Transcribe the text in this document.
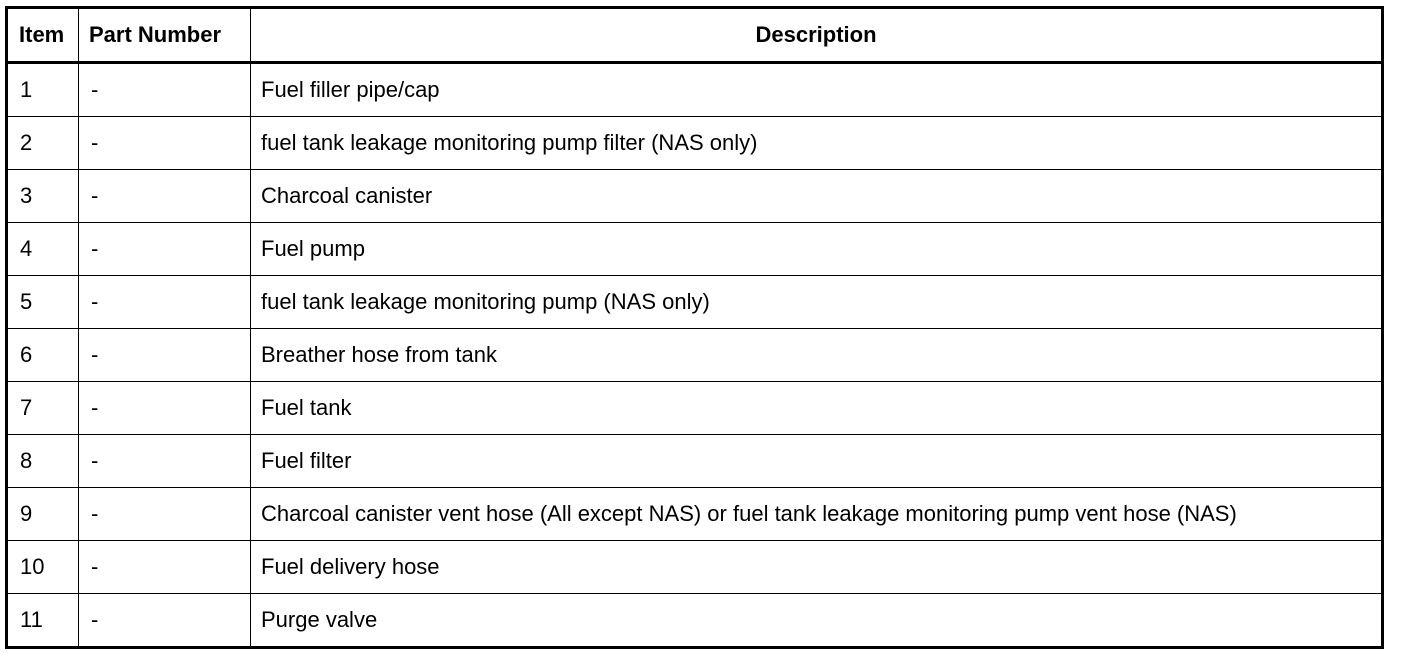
Item	Part Number	Description
1	-	Fuel filler pipe/cap
2	-	fuel tank leakage monitoring pump filter (NAS only)
3	-	Charcoal canister
4	-	Fuel pump
5	-	fuel tank leakage monitoring pump (NAS only)
6	-	Breather hose from tank
7	-	Fuel tank
8	-	Fuel filter
9	-	Charcoal canister vent hose (All except NAS) or fuel tank leakage monitoring pump vent hose (NAS)
10	-	Fuel delivery hose
11	-	Purge valve
